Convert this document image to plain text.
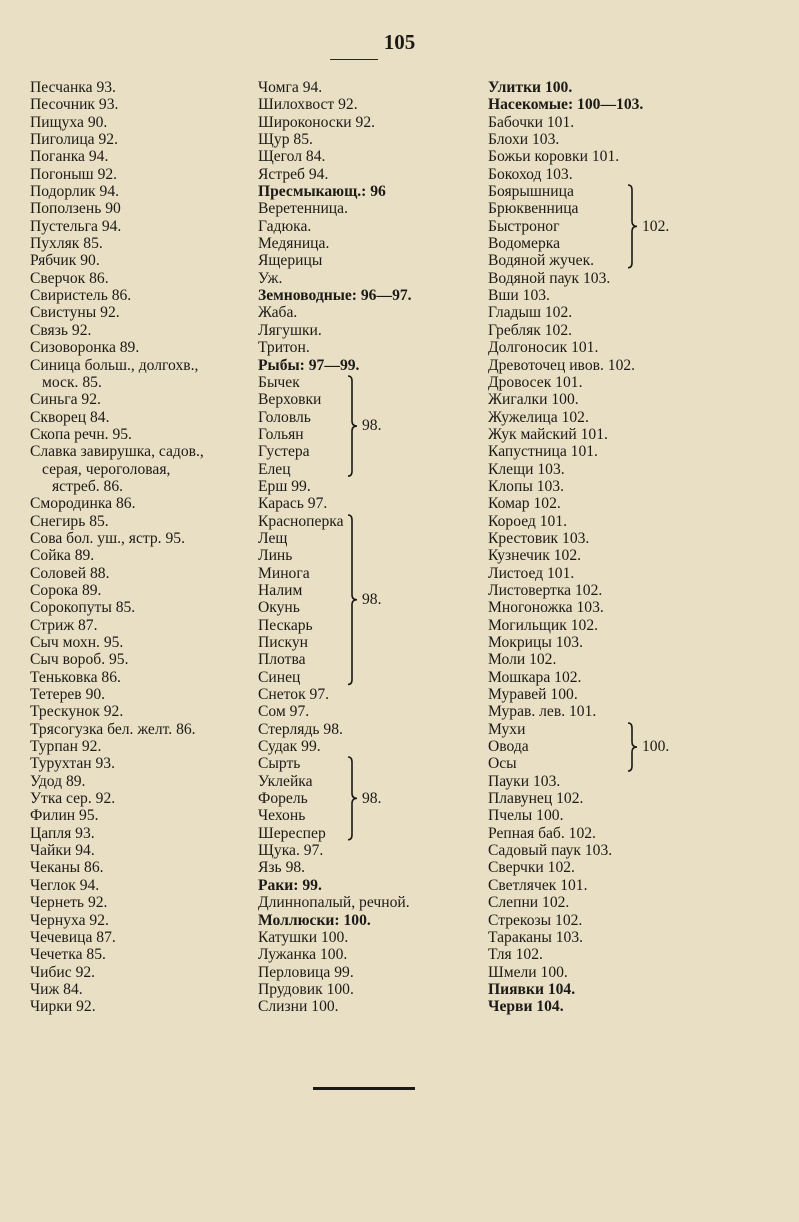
105
Песчанка 93.
Песочник 93.
Пищуха 90.
Пиголица 92.
Поганка 94.
Погоныш 92.
Подорлик 94.
Поползень 90
Пустельга 94.
Пухляк 85.
Рябчик 90.
Сверчок 86.
Свиристель 86.
Свистуны 92.
Связь 92.
Сизоворонка 89.
Синица больш., долгохв.,
моск. 85.
Синьга 92.
Скворец 84.
Скопа речн. 95.
Славка завирушка, садов.,
серая, чероголовая,
ястреб. 86.
Смородинка 86.
Снегирь 85.
Сова бол. уш., ястр. 95.
Сойка 89.
Соловей 88.
Сорока 89.
Сорокопуты 85.
Стриж 87.
Сыч мохн. 95.
Сыч вороб. 95.
Теньковка 86.
Тетерев 90.
Трескунок 92.
Трясогузка бел. желт. 86.
Турпан 92.
Турухтан 93.
Удод 89.
Утка сер. 92.
Филин 95.
Цапля 93.
Чайки 94.
Чеканы 86.
Чеглок 94.
Чернеть 92.
Чернуха 92.
Чечевица 87.
Чечетка 85.
Чибис 92.
Чиж 84.
Чирки 92.
Чомга 94.
Шилохвост 92.
Широконоски 92.
Щур 85.
Щегол 84.
Ястреб 94.
Пресмыкающ.: 96
Веретенница.
Гадюка.
Медяница.
Ящерицы
Уж.
Земноводные: 96—97.
Жаба.
Лягушки.
Тритон.
Рыбы: 97—99.
Бычек
Верховки
Головль
Гольян
Густера
Елец
98.
Ерш 99.
Карась 97.
Красноперка
Лещ
Линь
Минога
Налим
Окунь
Пескарь
Пискун
Плотва
Синец
98.
Снеток 97.
Сом 97.
Стерлядь 98.
Судак 99.
Сырть
Уклейка
Форель
Чехонь
Шереспер
98.
Щука. 97.
Язь 98.
Раки: 99.
Длиннопалый, речной.
Моллюски: 100.
Катушки 100.
Лужанка 100.
Перловица 99.
Прудовик 100.
Слизни 100.
Улитки 100.
Насекомые: 100—103.
Бабочки 101.
Блохи 103.
Божьи коровки 101.
Бокоход 103.
Боярышница
Брюквенница
Быстроног
Водомерка
Водяной жучек.
102.
Водяной паук 103.
Вши 103.
Гладыш 102.
Гребляк 102.
Долгоносик 101.
Древоточец ивов. 102.
Дровосек 101.
Жигалки 100.
Жужелица 102.
Жук майский 101.
Капустница 101.
Клещи 103.
Клопы 103.
Комар 102.
Короед 101.
Крестовик 103.
Кузнечик 102.
Листоед 101.
Листовертка 102.
Многоножка 103.
Могильщик 102.
Мокрицы 103.
Моли 102.
Мошкара 102.
Муравей 100.
Мурав. лев. 101.
Мухи
Овода
Осы
100.
Пауки 103.
Плавунец 102.
Пчелы 100.
Репная баб. 102.
Садовый паук 103.
Сверчки 102.
Светлячек 101.
Слепни 102.
Стрекозы 102.
Тараканы 103.
Тля 102.
Шмели 100.
Пиявки 104.
Черви 104.
